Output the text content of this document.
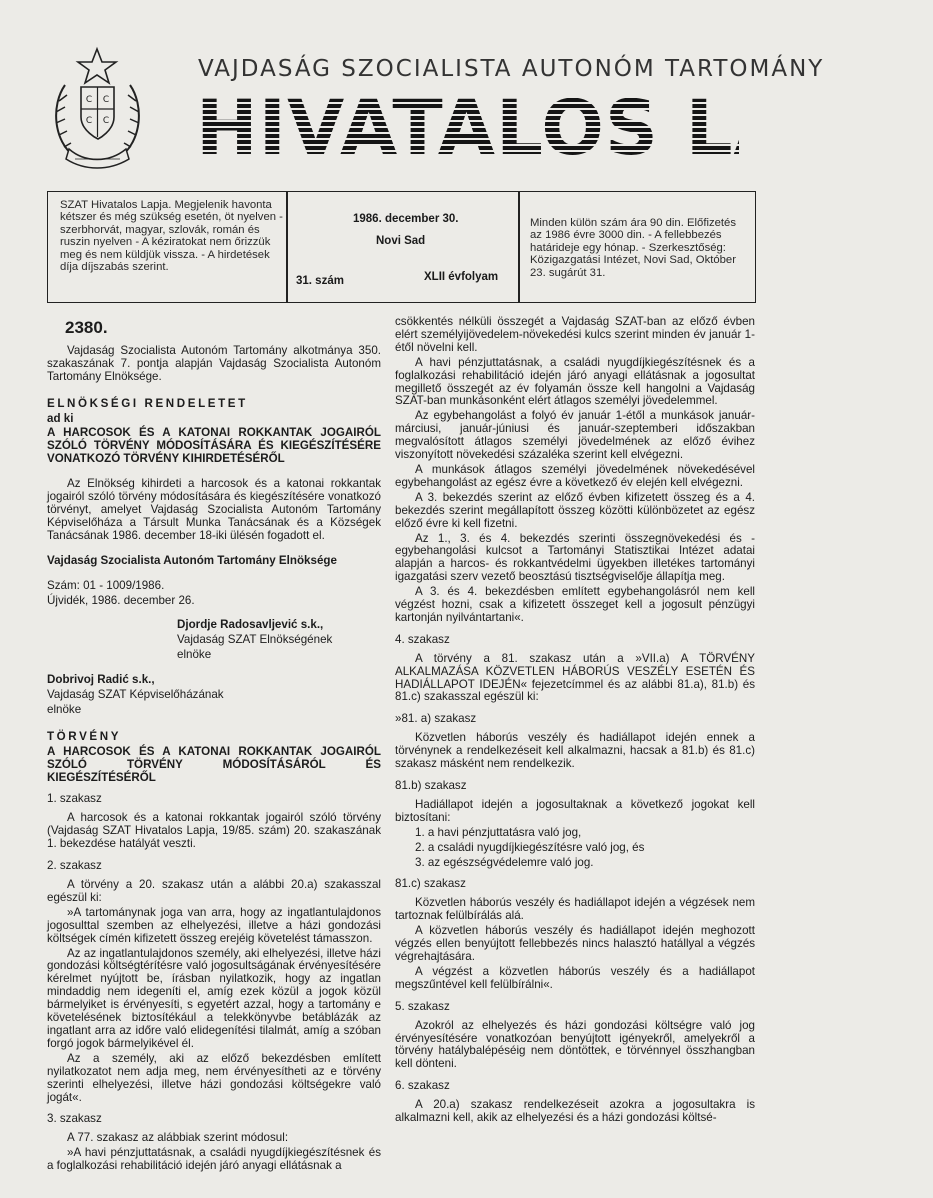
C C
C C
VAJDASÁG SZOCIALISTA AUTONÓM TARTOMÁNY
HIVATALOS LAPJA
SZAT Hivatalos Lapja. Megjelenik havonta kétszer és még szükség esetén, öt nyelven - szerbhorvát, magyar, szlovák, román és ruszin nyelven - A kéziratokat nem őrizzük meg és nem küldjük vissza. - A hirdetések díja díjszabás szerint.
1986. december 30.
Novi Sad
31. szám	XLII évfolyam
Minden külön szám ára 90 din. Előfizetés az 1986 évre 3000 din. - A fellebbezés határideje egy hónap. - Szerkesztőség: Közigazgatási Intézet, Novi Sad, Október 23. sugárút 31.

2380.

Vajdaság Szocialista Autonóm Tartomány alkotmánya 350. szakaszának 7. pontja alapján Vajdaság Szocialista Autonóm Tartomány Elnöksége.

ELNÖKSÉGI RENDELETET

ad ki

A HARCOSOK ÉS A KATONAI ROKKANTAK JOGAIRÓL SZÓLÓ TÖRVÉNY MÓDOSÍTÁSÁRA ÉS KIEGÉSZÍTÉSÉRE VONATKOZÓ TÖRVÉNY KIHIRDETÉSÉRŐL

Az Elnökség kihirdeti a harcosok és a katonai rokkantak jogairól szóló törvény módosítására és kiegészítésére vonatkozó törvényt, amelyet Vajdaság Szocialista Autonóm Tartomány Képviselőháza a Társult Munka Tanácsának és a Községek Tanácsának 1986. december 18-iki ülésén fogadott el.

Vajdaság Szocialista Autonóm Tartomány Elnöksége

Szám: 01 - 1009/1986.

Újvidék, 1986. december 26.

Djordje Radosavljević s.k.,

Vajdaság SZAT Elnökségének

elnöke

Dobrivoj Radić s.k.,

Vajdaság SZAT Képviselőházának

elnöke

TÖRVÉNY

A HARCOSOK ÉS A KATONAI ROKKANTAK JOGAIRÓL SZÓLÓ TÖRVÉNY MÓDOSÍTÁSÁRÓL ÉS KIEGÉSZÍTÉSÉRŐL

1. szakasz

A harcosok és a katonai rokkantak jogairól szóló törvény (Vajdaság SZAT Hivatalos Lapja, 19/85. szám) 20. szakaszának 1. bekezdése hatályát veszti.

2. szakasz

A törvény a 20. szakasz után a alábbi 20.a) szakasszal egészül ki:

»A tartománynak joga van arra, hogy az ingatlantulajdonos jogosulttal szemben az elhelyezési, illetve a házi gondozási költségek címén kifizetett összeg erejéig követelést támasszon.

Az az ingatlantulajdonos személy, aki elhelyezési, illetve házi gondozási költségtérítésre való jogosultságának érvényesítésére kérelmet nyújtott be, írásban nyilatkozik, hogy az ingatlan mindaddig nem idegeníti el, amíg ezek közül a jogok közül bármelyiket is érvényesíti, s egyetért azzal, hogy a tartomány e követelésének biztosítékául a telekkönyvbe betáblázák az ingatlant arra az időre való elidegenítési tilalmát, amíg a szóban forgó jogok bármelyikével él.

Az a személy, aki az előző bekezdésben említett nyilatkozatot nem adja meg, nem érvényesítheti az e törvény szerinti elhelyezési, illetve házi gondozási költségekre való jogát«.

3. szakasz

A 77. szakasz az alábbiak szerint módosul:

»A havi pénzjuttatásnak, a családi nyugdíjkiegészítésnek és a foglalkozási rehabilitáció idején járó anyagi ellátásnak a

csökkentés nélküli összegét a Vajdaság SZAT-ban az előző évben elért személyijövedelem-növekedési kulcs szerint minden év január 1-étől növelni kell.

A havi pénzjuttatásnak, a családi nyugdíjkiegészítésnek és a foglalkozási rehabilitáció idején járó anyagi ellátásnak a jogosultat megillető összegét az év folyamán össze kell hangolni a Vajdaság SZAT-ban munkásonként elért átlagos személyi jövedelemmel.

Az egybehangolást a folyó év január 1-étől a munkások január-márciusi, január-júniusi és január-szeptemberi időszakban megvalósított átlagos személyi jövedelmének az előző évihez viszonyított növekedési százaléka szerint kell elvégezni.

A munkások átlagos személyi jövedelmének növekedésével egybehangolást az egész évre a következő év elején kell elvégezni.

A 3. bekezdés szerint az előző évben kifizetett összeg és a 4. bekezdés szerint megállapított összeg közötti különbözetet az egész előző évre ki kell fizetni.

Az 1., 3. és 4. bekezdés szerinti összegnövekedési és -egybehangolási kulcsot a Tartományi Statisztikai Intézet adatai alapján a harcos- és rokkantvédelmi ügyekben illetékes tartományi igazgatási szerv vezető beosztású tisztségviselője állapítja meg.

A 3. és 4. bekezdésben említett egybehangolásról nem kell végzést hozni, csak a kifizetett összeget kell a jogosult pénzügyi kartonján nyilvántartani«.

4. szakasz

A törvény a 81. szakasz után a »VII.a) A TÖRVÉNY ALKALMAZÁSA KÖZVETLEN HÁBORÚS VESZÉLY ESETÉN ÉS HADIÁLLAPOT IDEJÉN« fejezetcímmel és az alábbi 81.a), 81.b) és 81.c) szakasszal egészül ki:

»81. a) szakasz

Közvetlen háborús veszély és hadiállapot idején ennek a törvénynek a rendelkezéseit kell alkalmazni, hacsak a 81.b) és 81.c) szakasz másként nem rendelkezik.

81.b) szakasz

Hadiállapot idején a jogosultaknak a következő jogokat kell biztosítani:

1. a havi pénzjuttatásra való jog,

2. a családi nyugdíjkiegészítésre való jog, és

3. az egészségvédelemre való jog.

81.c) szakasz

Közvetlen háborús veszély és hadiállapot idején a végzések nem tartoznak felülbírálás alá.

A közvetlen háborús veszély és hadiállapot idején meghozott végzés ellen benyújtott fellebbezés nincs halasztó hatállyal a végzés végrehajtására.

A végzést a közvetlen háborús veszély és a hadiállapot megszűntével kell felülbírálni«.

5. szakasz

Azokról az elhelyezés és házi gondozási költségre való jog érvényesítésére vonatkozóan benyújtott igényekről, amelyekről a törvény hatálybalépéséig nem döntöttek, e törvénnyel összhangban kell dönteni.

6. szakasz

A 20.a) szakasz rendelkezéseit azokra a jogosultakra is alkalmazni kell, akik az elhelyezési és a házi gondozási költsé-
